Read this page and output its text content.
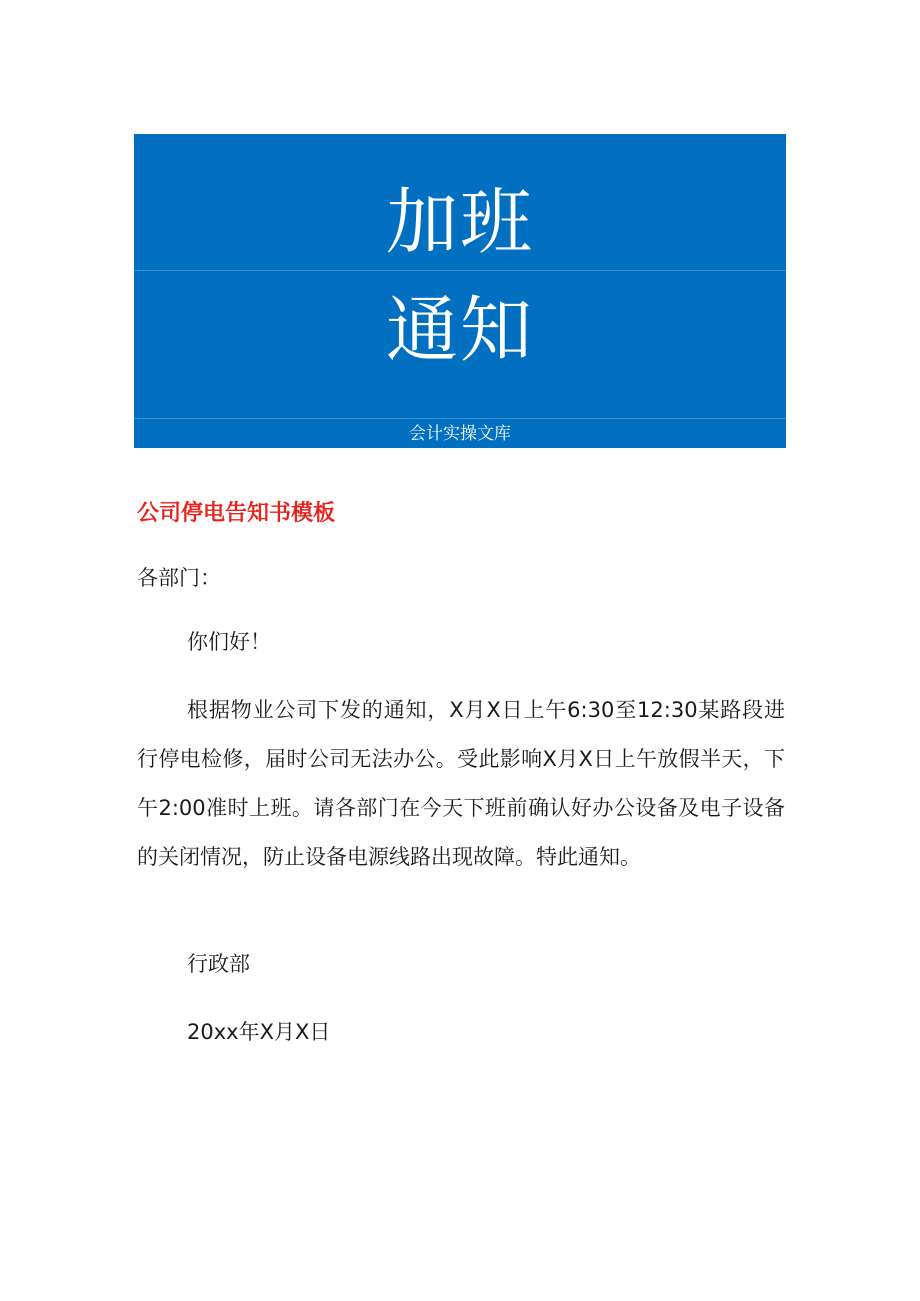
加班
通知
会计实操文库
公司停电告知书模板

各部门：

你们好！

根据物业公司下发的通知，X月X日上午6:30至12:30某路段进行停电检修，届时公司无法办公。受此影响X月X日上午放假半天，下午2:00准时上班。请各部门在今天下班前确认好办公设备及电子设备的关闭情况，防止设备电源线路出现故障。特此通知。

行政部

20xx年X月X日
